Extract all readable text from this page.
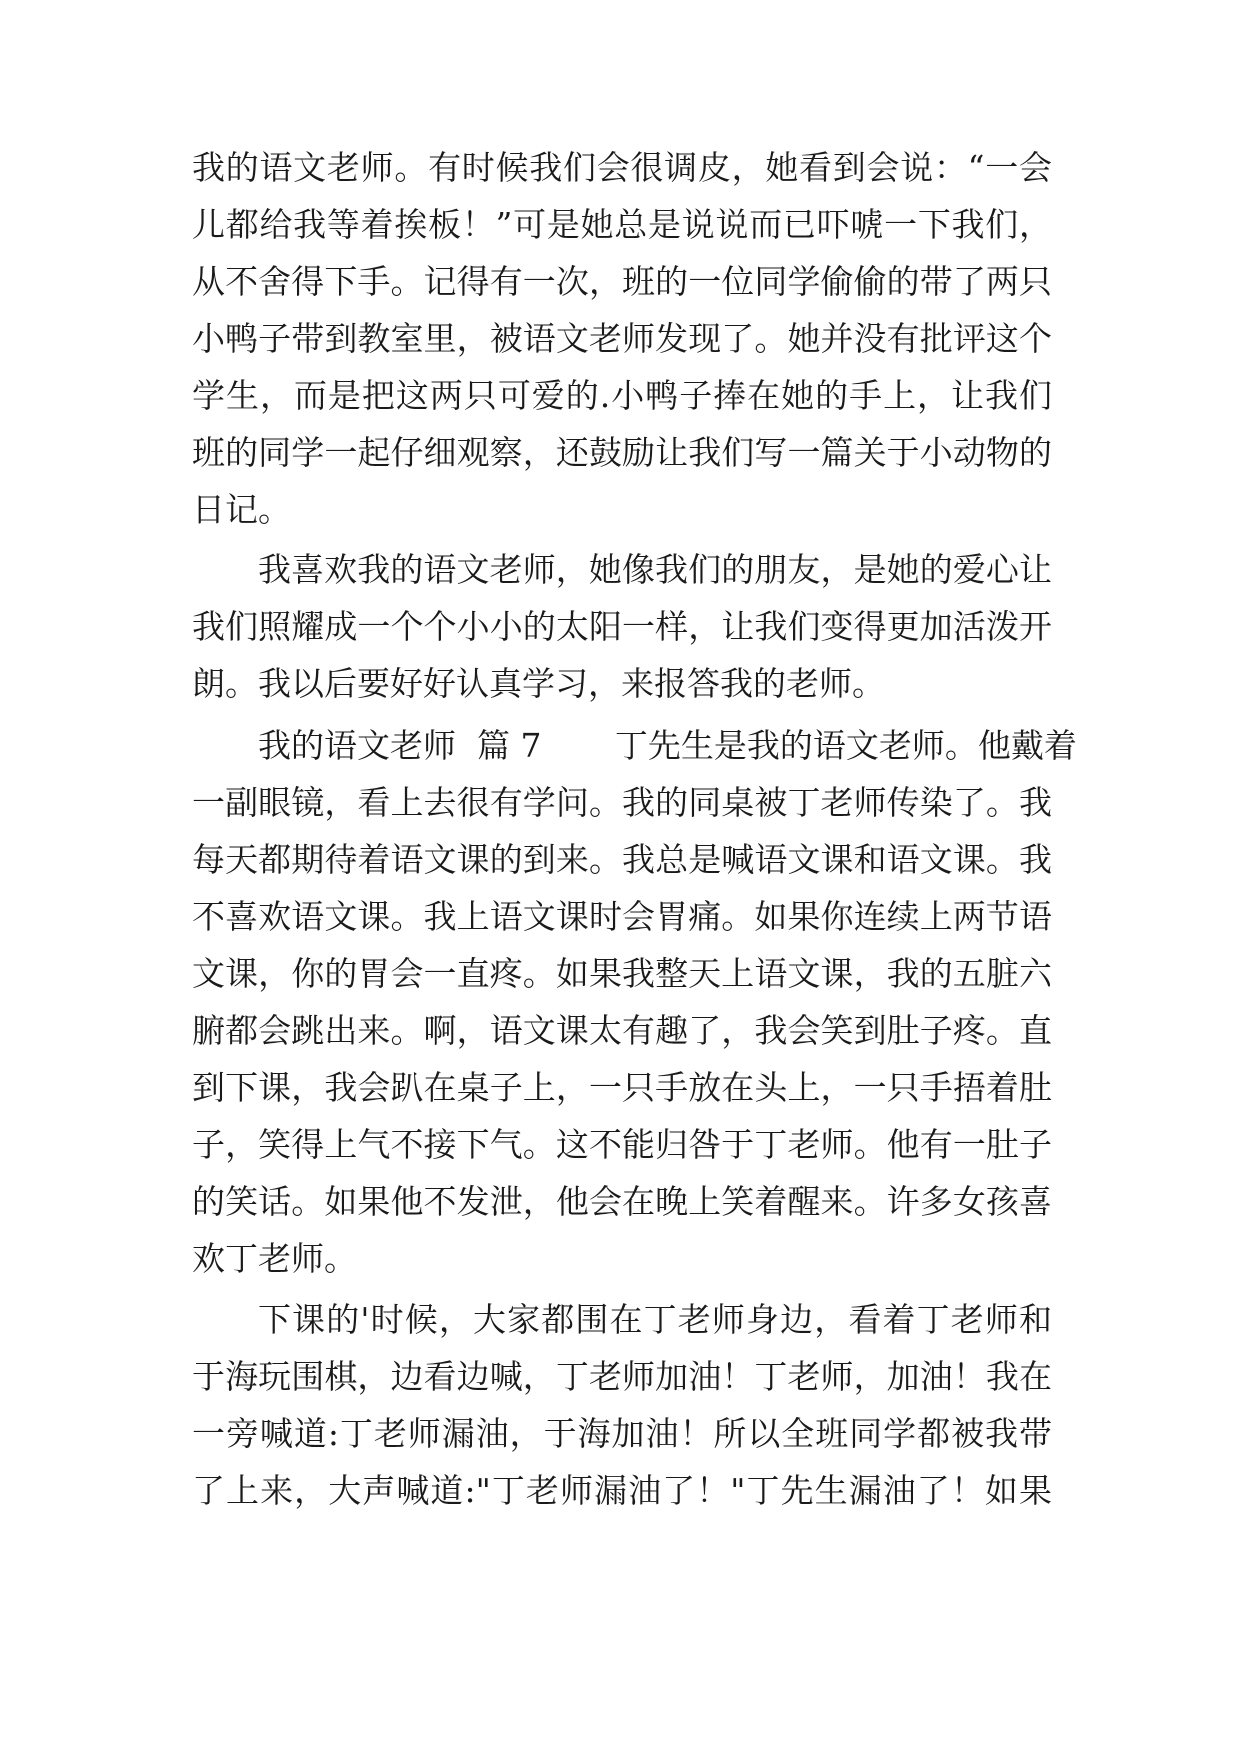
我的语文老师。有时候我们会很调皮，她看到会说：“一会
儿都给我等着挨板！”可是她总是说说而已吓唬一下我们，
从不舍得下手。记得有一次，班的一位同学偷偷的带了两只
小鸭子带到教室里，被语文老师发现了。她并没有批评这个
学生，而是把这两只可爱的.小鸭子捧在她的手上，让我们
班的同学一起仔细观察，还鼓励让我们写一篇关于小动物的
日记。
我喜欢我的语文老师，她像我们的朋友，是她的爱心让
我们照耀成一个个小小的太阳一样，让我们变得更加活泼开
朗。我以后要好好认真学习，来报答我的老师。
我的语文老师  篇 7       丁先生是我的语文老师。他戴着
一副眼镜，看上去很有学问。我的同桌被丁老师传染了。我
每天都期待着语文课的到来。我总是喊语文课和语文课。我
不喜欢语文课。我上语文课时会胃痛。如果你连续上两节语
文课，你的胃会一直疼。如果我整天上语文课，我的五脏六
腑都会跳出来。啊，语文课太有趣了，我会笑到肚子疼。直
到下课，我会趴在桌子上，一只手放在头上，一只手捂着肚
子，笑得上气不接下气。这不能归咎于丁老师。他有一肚子
的笑话。如果他不发泄，他会在晚上笑着醒来。许多女孩喜
欢丁老师。
下课的'时候，大家都围在丁老师身边，看着丁老师和
于海玩围棋，边看边喊，丁老师加油！丁老师，加油！我在
一旁喊道:丁老师漏油，于海加油！所以全班同学都被我带
了上来，大声喊道:"丁老师漏油了！"丁先生漏油了！如果
